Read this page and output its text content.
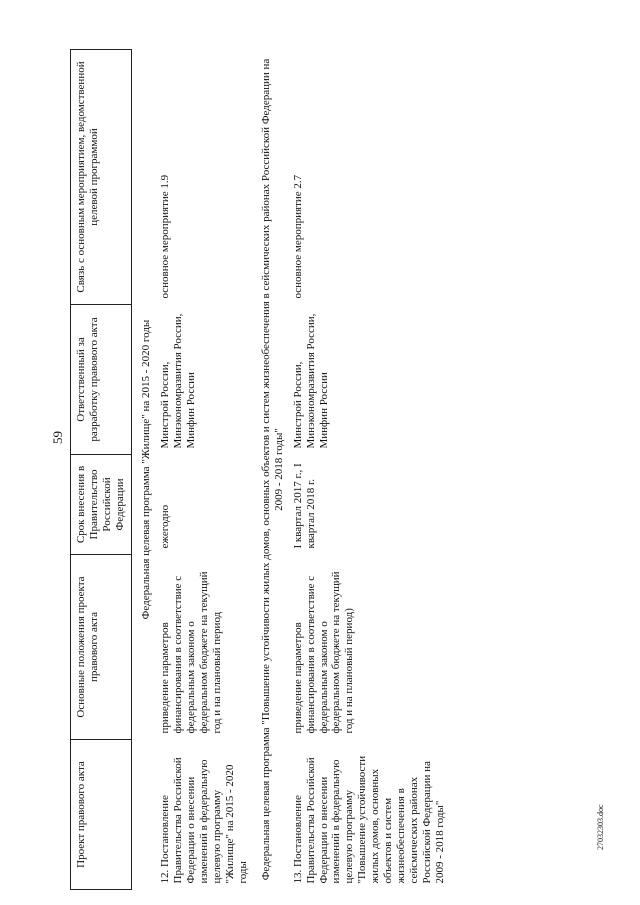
59
27032303.doc
Проект правового акта	Основные положения проекта правового акта	Срок внесения в Правительство Российской Федерации	Ответственный за разработку правового акта	Связь с основным мероприятием, ведомственной целевой программой
Федеральная целевая программа "Жилище" на 2015 - 2020 годы				
12. Постановление Правительства Российской Федерации о внесении изменений в федеральную целевую программу "Жилище" на 2015 - 2020 годы	приведение параметров финансирования в соответствие с федеральным законом о федеральном бюджете на текущий год и на плановый период	ежегодно	Минстрой России, Минэкономразвития России, Минфин России	основное мероприятие 1.9
Федеральная целевая программа "Повышение устойчивости жилых домов, основных объектов и систем жизнеобеспечения в сейсмических районах Российской Федерации на 2009 - 2018 годы"				
13. Постановление Правительства Российской Федерации о внесении изменений в федеральную целевую программу "Повышение устойчивости жилых домов, основных объектов и систем жизнеобеспечения в сейсмических районах Российской Федерации на 2009 - 2018 годы"	приведение параметров финансирования в соответствие с федеральным законом о федеральном бюджете на текущий год и на плановый период)	I квартал 2017 г., I квартал 2018 г.	Минстрой России, Минэкономразвития России, Минфин России	основное мероприятие 2.7
